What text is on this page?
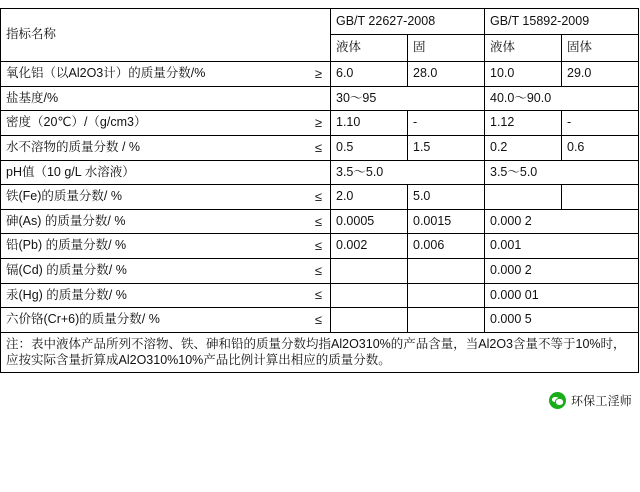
指标名称	GB/T 22627-2008		GB/T 15892-2009	
	液体	固	液体	固体
氧化铝（以Al2O3计）的质量分数/% ≥	6.0	28.0	10.0	29.0
盐基度/%	30～95		40.0～90.0	
密度（20℃）/（g/cm3） ≥	1.10	-	1.12	-
水不溶物的质量分数 / % ≤	0.5	1.5	0.2	0.6
pH值（10 g/L 水溶液）	3.5～5.0		3.5～5.0	
铁(Fe)的质量分数/ % ≤	2.0	5.0		
砷(As) 的质量分数/ % ≤	0.0005	0.0015	0.000 2	
铅(Pb) 的质量分数/ % ≤	0.002	0.006	0.001	
镉(Cd) 的质量分数/ % ≤			0.000 2	
汞(Hg) 的质量分数/ % ≤			0.000 01	
六价铬(Cr+6)的质量分数/ % ≤			0.000 5	
注：表中液体产品所列不溶物、铁、砷和铅的质量分数均指Al2O310%的产品含量，当Al2O3含量不等于10%时，应按实际含量折算成Al2O310%10%产品比例计算出相应的质量分数。				
环保工淫师
